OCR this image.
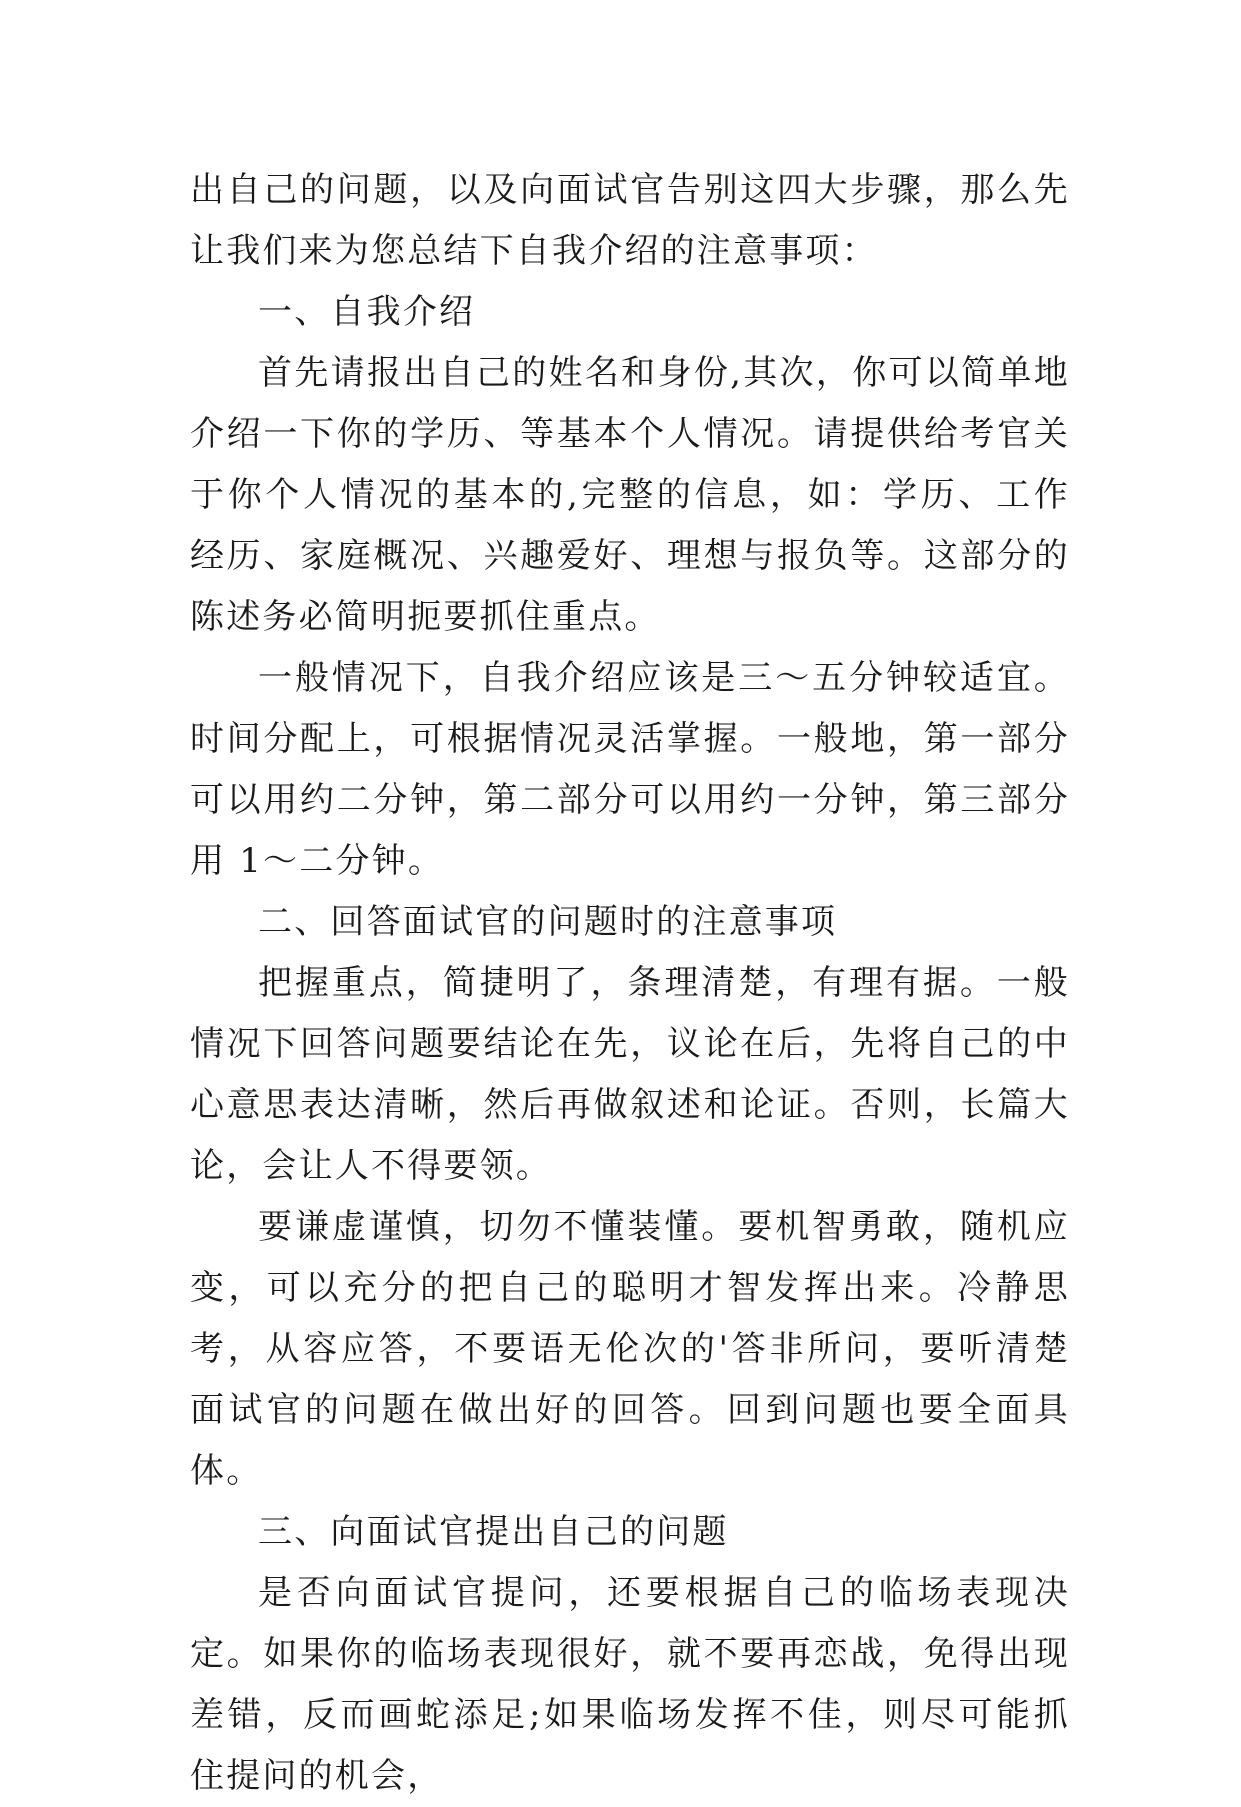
出自己的问题，以及向面试官告别这四大步骤，那么先让我们来为您总结下自我介绍的注意事项：

一、自我介绍

首先请报出自己的姓名和身份,其次，你可以简单地介绍一下你的学历、等基本个人情况。请提供给考官关于你个人情况的基本的,完整的信息，如：学历、工作经历、家庭概况、兴趣爱好、理想与报负等。这部分的陈述务必简明扼要抓住重点。

一般情况下，自我介绍应该是三～五分钟较适宜。时间分配上，可根据情况灵活掌握。一般地，第一部分可以用约二分钟，第二部分可以用约一分钟，第三部分用 1～二分钟。

二、回答面试官的问题时的注意事项

把握重点，简捷明了，条理清楚，有理有据。一般情况下回答问题要结论在先，议论在后，先将自己的中心意思表达清晰，然后再做叙述和论证。否则，长篇大论，会让人不得要领。

要谦虚谨慎，切勿不懂装懂。要机智勇敢，随机应变，可以充分的把自己的聪明才智发挥出来。冷静思考，从容应答，不要语无伦次的'答非所问，要听清楚面试官的问题在做出好的回答。回到问题也要全面具体。

三、向面试官提出自己的问题

是否向面试官提问，还要根据自己的临场表现决定。如果你的临场表现很好，就不要再恋战，免得出现差错，反而画蛇添足;如果临场发挥不佳，则尽可能抓住提问的机会，
